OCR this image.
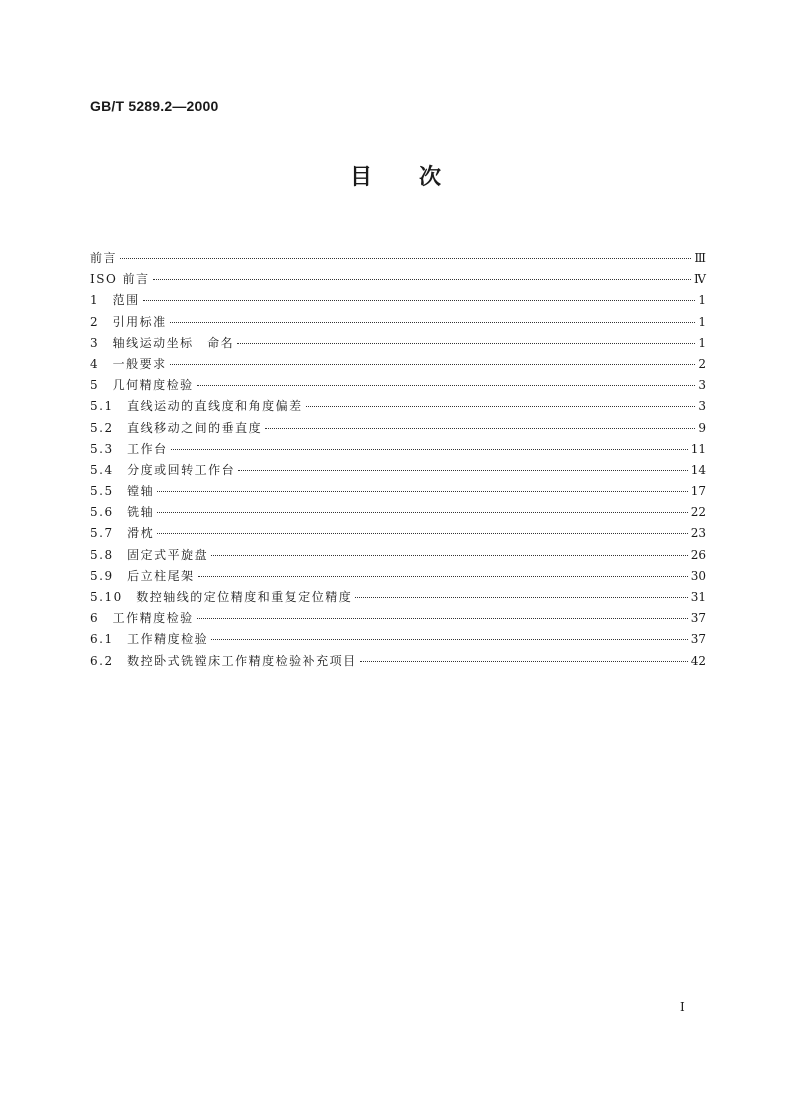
GB/T 5289.2—2000
目　　次
前言	Ⅲ
ISO 前言	Ⅳ
1　范围	1
2　引用标准	1
3　轴线运动坐标　命名	1
4　一般要求	2
5　几何精度检验	3
5.1　直线运动的直线度和角度偏差	3
5.2　直线移动之间的垂直度	9
5.3　工作台	11
5.4　分度或回转工作台	14
5.5　镗轴	17
5.6　铣轴	22
5.7　滑枕	23
5.8　固定式平旋盘	26
5.9　后立柱尾架	30
5.10　数控轴线的定位精度和重复定位精度	31
6　工作精度检验	37
6.1　工作精度检验	37
6.2　数控卧式铣镗床工作精度检验补充项目	42
Ⅰ
